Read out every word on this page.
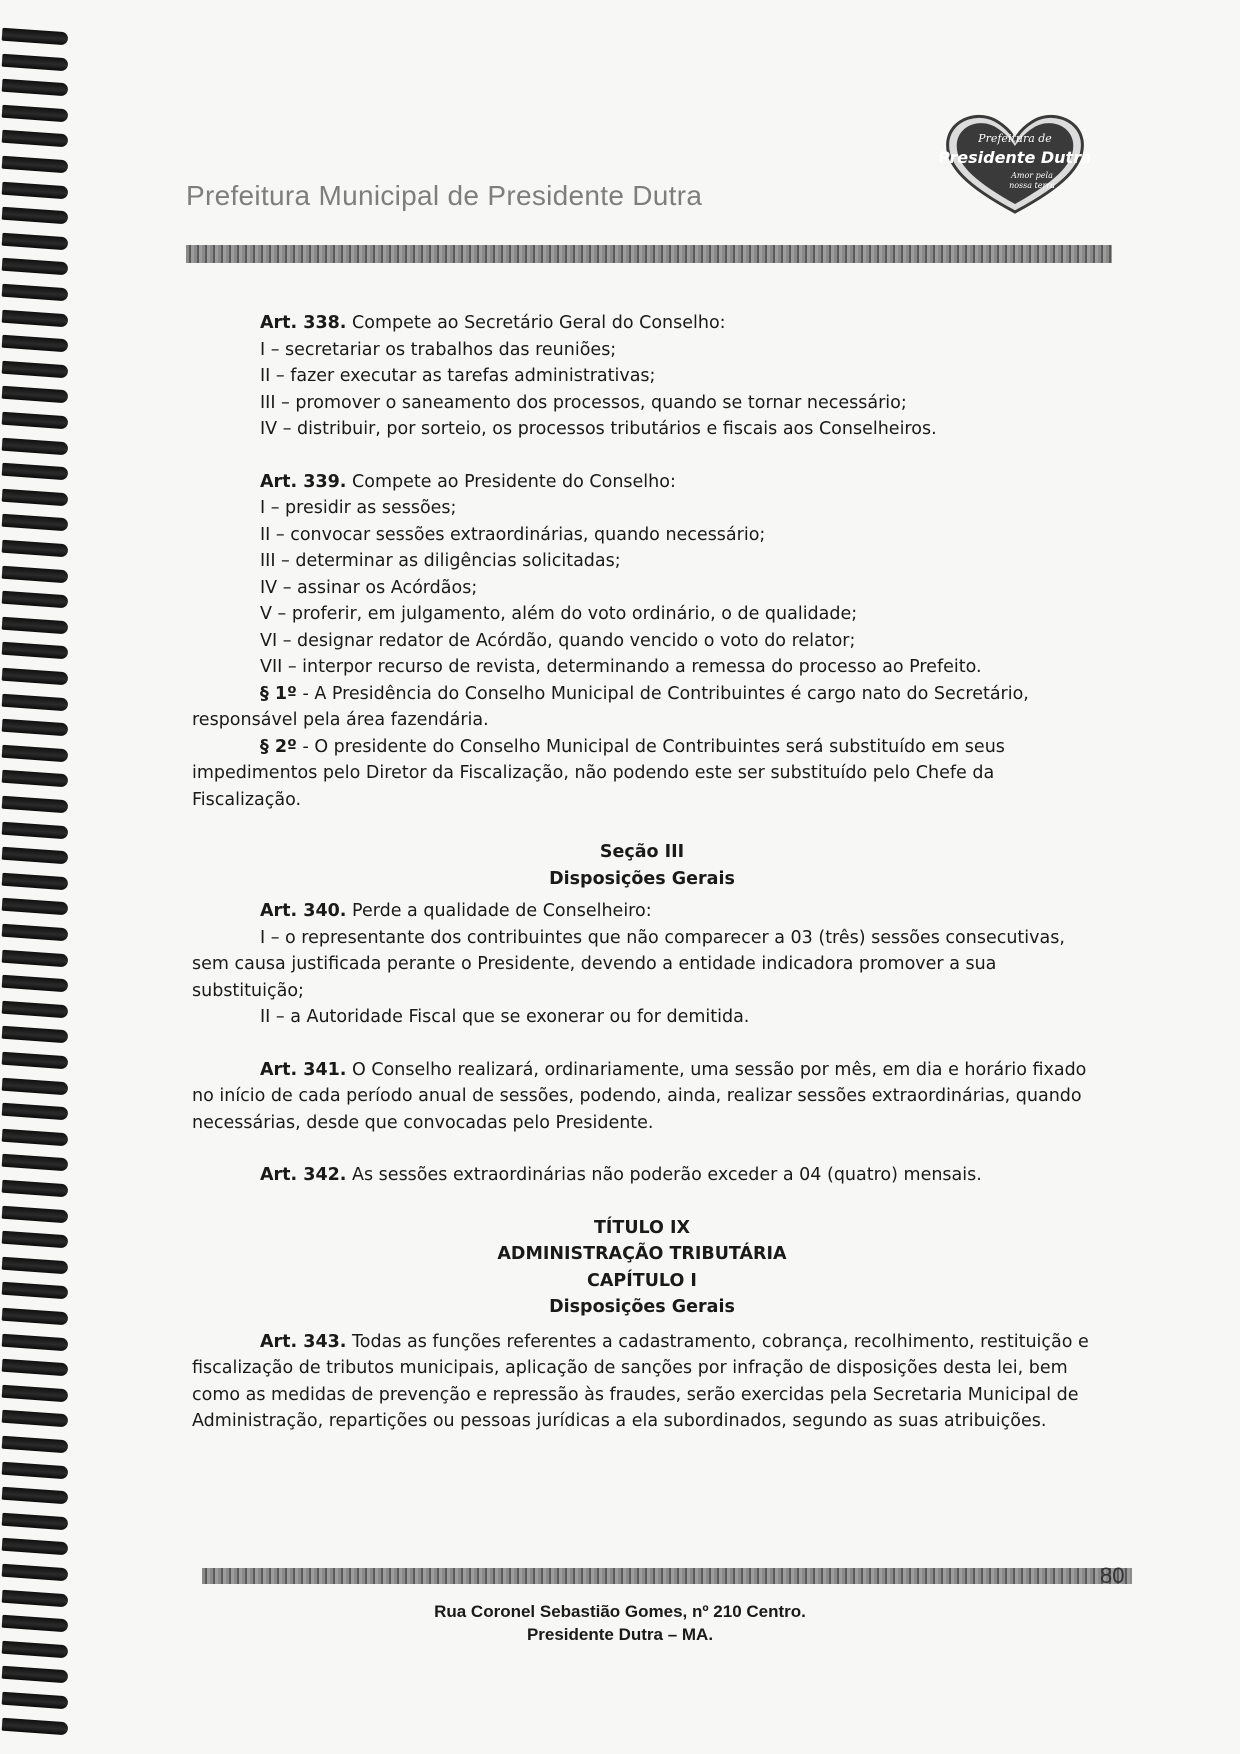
Prefeitura Municipal de Presidente Dutra
Prefeitura de
Presidente Dutra
Amor pela
nossa terra

Art. 338. Compete ao Secretário Geral do Conselho:

I – secretariar os trabalhos das reuniões;

II – fazer executar as tarefas administrativas;

III – promover o saneamento dos processos, quando se tornar necessário;

IV – distribuir, por sorteio, os processos tributários e fiscais aos Conselheiros.

Art. 339. Compete ao Presidente do Conselho:

I – presidir as sessões;

II – convocar sessões extraordinárias, quando necessário;

III – determinar as diligências solicitadas;

IV – assinar os Acórdãos;

V – proferir, em julgamento, além do voto ordinário, o de qualidade;

VI – designar redator de Acórdão, quando vencido o voto do relator;

VII – interpor recurso de revista, determinando a remessa do processo ao Prefeito.

§ 1º - A Presidência do Conselho Municipal de Contribuintes é cargo nato do Secretário, responsável pela área fazendária.

§ 2º - O presidente do Conselho Municipal de Contribuintes será substituído em seus impedimentos pelo Diretor da Fiscalização, não podendo este ser substituído pelo Chefe da Fiscalização.

Seção III

Disposições Gerais

Art. 340. Perde a qualidade de Conselheiro:

I – o representante dos contribuintes que não comparecer a 03 (três) sessões consecutivas, sem causa justificada perante o Presidente, devendo a entidade indicadora promover a sua substituição;

II – a Autoridade Fiscal que se exonerar ou for demitida.

Art. 341. O Conselho realizará, ordinariamente, uma sessão por mês, em dia e horário fixado no início de cada período anual de sessões, podendo, ainda, realizar sessões extraordinárias, quando necessárias, desde que convocadas pelo Presidente.

Art. 342. As sessões extraordinárias não poderão exceder a 04 (quatro) mensais.

TÍTULO IX

ADMINISTRAÇÃO TRIBUTÁRIA

CAPÍTULO I

Disposições Gerais

Art. 343. Todas as funções referentes a cadastramento, cobrança, recolhimento, restituição e fiscalização de tributos municipais, aplicação de sanções por infração de disposições desta lei, bem como as medidas de prevenção e repressão às fraudes, serão exercidas pela Secretaria Municipal de Administração, repartições ou pessoas jurídicas a ela subordinados, segundo as suas atribuições.

80
Rua Coronel Sebastião Gomes, nº 210 Centro.
Presidente Dutra – MA.
